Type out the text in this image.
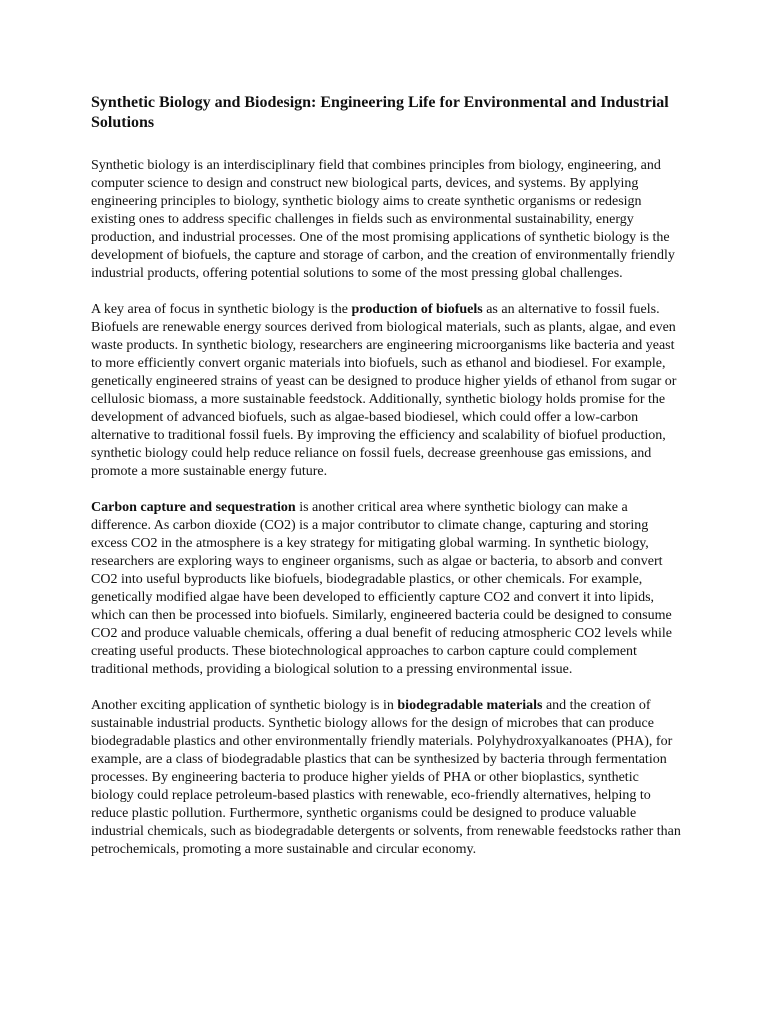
Synthetic Biology and Biodesign: Engineering Life for Environmental and Industrial Solutions

Synthetic biology is an interdisciplinary field that combines principles from biology, engineering, and computer science to design and construct new biological parts, devices, and systems. By applying engineering principles to biology, synthetic biology aims to create synthetic organisms or redesign existing ones to address specific challenges in fields such as environmental sustainability, energy production, and industrial processes. One of the most promising applications of synthetic biology is the development of biofuels, the capture and storage of carbon, and the creation of environmentally friendly industrial products, offering potential solutions to some of the most pressing global challenges.

A key area of focus in synthetic biology is the production of biofuels as an alternative to fossil fuels. Biofuels are renewable energy sources derived from biological materials, such as plants, algae, and even waste products. In synthetic biology, researchers are engineering microorganisms like bacteria and yeast to more efficiently convert organic materials into biofuels, such as ethanol and biodiesel. For example, genetically engineered strains of yeast can be designed to produce higher yields of ethanol from sugar or cellulosic biomass, a more sustainable feedstock. Additionally, synthetic biology holds promise for the development of advanced biofuels, such as algae-based biodiesel, which could offer a low-carbon alternative to traditional fossil fuels. By improving the efficiency and scalability of biofuel production, synthetic biology could help reduce reliance on fossil fuels, decrease greenhouse gas emissions, and promote a more sustainable energy future.

Carbon capture and sequestration is another critical area where synthetic biology can make a difference. As carbon dioxide (CO2) is a major contributor to climate change, capturing and storing excess CO2 in the atmosphere is a key strategy for mitigating global warming. In synthetic biology, researchers are exploring ways to engineer organisms, such as algae or bacteria, to absorb and convert CO2 into useful byproducts like biofuels, biodegradable plastics, or other chemicals. For example, genetically modified algae have been developed to efficiently capture CO2 and convert it into lipids, which can then be processed into biofuels. Similarly, engineered bacteria could be designed to consume CO2 and produce valuable chemicals, offering a dual benefit of reducing atmospheric CO2 levels while creating useful products. These biotechnological approaches to carbon capture could complement traditional methods, providing a biological solution to a pressing environmental issue.

Another exciting application of synthetic biology is in biodegradable materials and the creation of sustainable industrial products. Synthetic biology allows for the design of microbes that can produce biodegradable plastics and other environmentally friendly materials. Polyhydroxyalkanoates (PHA), for example, are a class of biodegradable plastics that can be synthesized by bacteria through fermentation processes. By engineering bacteria to produce higher yields of PHA or other bioplastics, synthetic biology could replace petroleum-based plastics with renewable, eco-friendly alternatives, helping to reduce plastic pollution. Furthermore, synthetic organisms could be designed to produce valuable industrial chemicals, such as biodegradable detergents or solvents, from renewable feedstocks rather than petrochemicals, promoting a more sustainable and circular economy.
